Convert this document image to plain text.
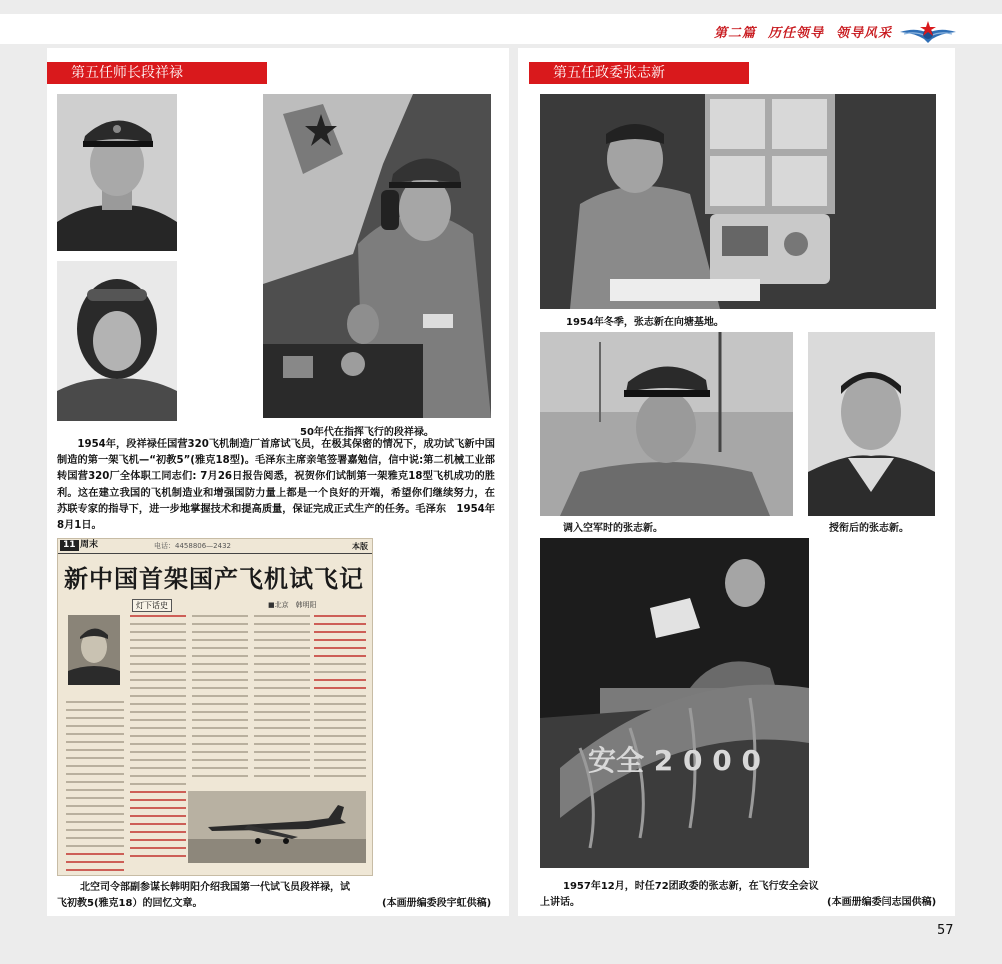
第二篇 历任领导 领导风采
第五任师长段祥禄
50年代在指挥飞行的段祥禄。
1954年，段祥禄任国营320飞机制造厂首席试飞员，在极其保密的情况下，成功试飞新中国制造的第一架飞机—“初教5”(雅克18型)。毛泽东主席亲笔签署嘉勉信，信中说:第二机械工业部转国营320厂全体职工同志们: 7月26日报告阅悉，祝贺你们试制第一架雅克18型飞机成功的胜利。这在建立我国的飞机制造业和增强国防力量上都是一个良好的开端，希望你们继续努力，在苏联专家的指导下，进一步地掌握技术和提高质量，保证完成正式生产的任务。毛泽东　1954年8月1日。
11 周末	电话：4458806—2432	本版
新中国首架国产飞机试飞记
灯下话史	■北京　韩明阳
北空司令部副参谋长韩明阳介绍我国第一代试飞员段祥禄，试
飞初教5(雅克18）的回忆文章。	(本画册编委段宇虹供稿)
第五任政委张志新
1954年冬季，张志新在向塘基地。
调入空军时的张志新。	授衔后的张志新。
安全 2 0 0 0
1957年12月，时任72团政委的张志新，在飞行安全会议
上讲话。	(本画册编委闫志国供稿)
57
